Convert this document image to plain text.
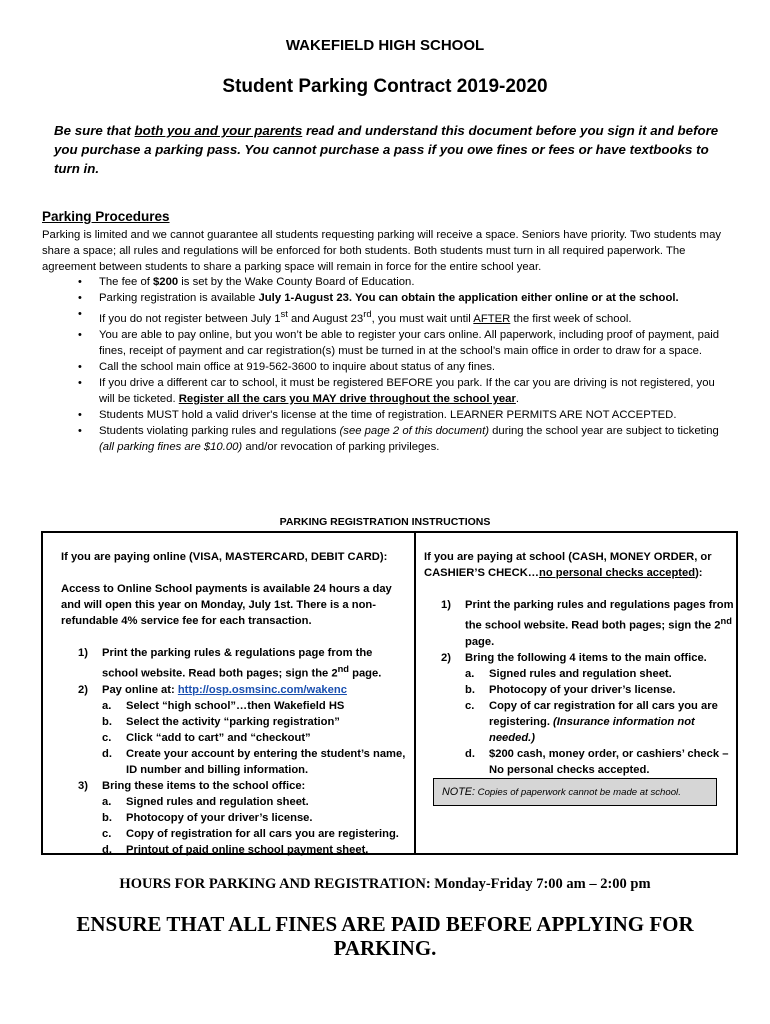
WAKEFIELD HIGH SCHOOL
Student Parking Contract 2019-2020
Be sure that both you and your parents read and understand this document before you sign it and before you purchase a parking pass. You cannot purchase a pass if you owe fines or fees or have textbooks to turn in.
Parking Procedures
Parking is limited and we cannot guarantee all students requesting parking will receive a space. Seniors have priority. Two students may share a space; all rules and regulations will be enforced for both students. Both students must turn in all required paperwork. The agreement between students to share a parking space will remain in force for the entire school year.
• The fee of $200 is set by the Wake County Board of Education.
• Parking registration is available July 1-August 23. You can obtain the application either online or at the school.
• If you do not register between July 1st and August 23rd, you must wait until AFTER the first week of school.
• You are able to pay online, but you won’t be able to register your cars online. All paperwork, including proof of payment, paid fines, receipt of payment and car registration(s) must be turned in at the school’s main office in order to draw for a space.
• Call the school main office at 919-562-3600 to inquire about status of any fines.
• If you drive a different car to school, it must be registered BEFORE you park. If the car you are driving is not registered, you will be ticketed. Register all the cars you MAY drive throughout the school year.
• Students MUST hold a valid driver's license at the time of registration. LEARNER PERMITS ARE NOT ACCEPTED.
• Students violating parking rules and regulations (see page 2 of this document) during the school year are subject to ticketing (all parking fines are $10.00) and/or revocation of parking privileges.
PARKING REGISTRATION INSTRUCTIONS

If you are paying online (VISA, MASTERCARD, DEBIT CARD):

Access to Online School payments is available 24 hours a day and will open this year on Monday, July 1st. There is a non-refundable 4% service fee for each transaction.

1) Print the parking rules & regulations page from the school website. Read both pages; sign the 2nd page.
2) Pay online at: http://osp.osmsinc.com/wakenc
a. Select “high school”…then Wakefield HS
b. Select the activity “parking registration”
c. Click “add to cart” and “checkout”
d. Create your account by entering the student’s name, ID number and billing information.
3) Bring these items to the school office:
a. Signed rules and regulation sheet.
b. Photocopy of your driver’s license.
c. Copy of registration for all cars you are registering.
d. Printout of paid online school payment sheet.

If you are paying at school (CASH, MONEY ORDER, or CASHIER’S CHECK…no personal checks accepted):

1) Print the parking rules and regulations pages from the school website. Read both pages; sign the 2nd page.
2) Bring the following 4 items to the main office.
a. Signed rules and regulation sheet.
b. Photocopy of your driver’s license.
c. Copy of car registration for all cars you are registering. (Insurance information not needed.)
d. $200 cash, money order, or cashiers’ check – No personal checks accepted.
NOTE: Copies of paperwork cannot be made at school.
HOURS FOR PARKING AND REGISTRATION: Monday-Friday 7:00 am – 2:00 pm
ENSURE THAT ALL FINES ARE PAID BEFORE APPLYING FOR PARKING.
